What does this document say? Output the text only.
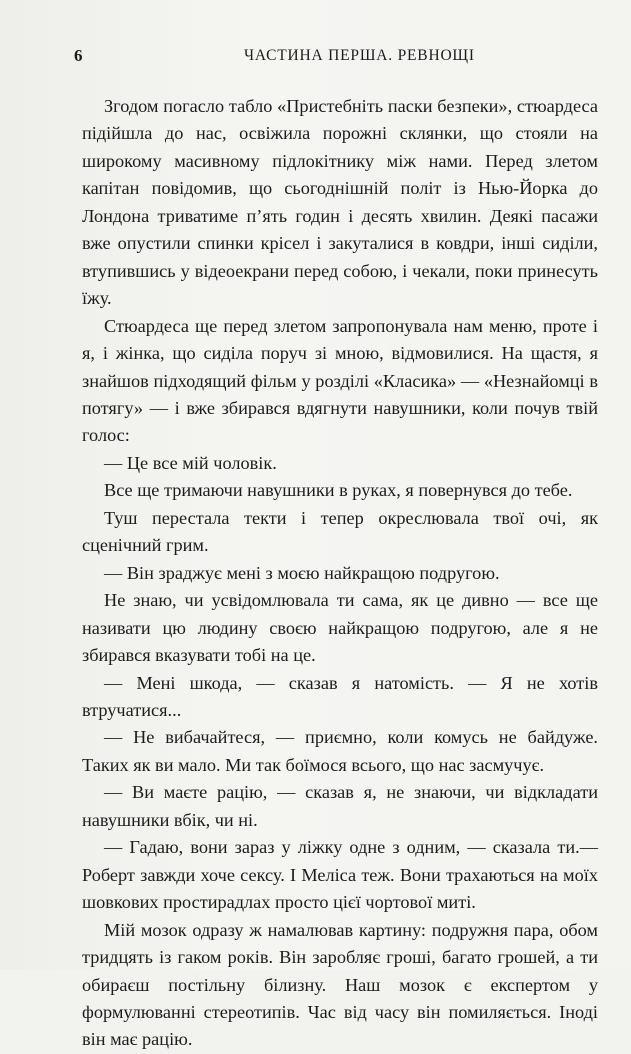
6	ЧАСТИНА ПЕРША. РЕВНОЩІ

Згодом погасло табло «Пристебніть паски безпеки», стюардеса підійшла до нас, освіжила порожні склянки, що стояли на широкому масивному підлокітнику між нами. Перед злетом капітан повідомив, що сьогоднішній політ із Нью-Йорка до Лондона триватиме п’ять годин і десять хвилин. Деякі пасажи вже опустили спинки крісел і закуталися в ковдри, інші сиділи, втупившись у відеоекрани перед собою, і чекали, поки принесуть їжу.

Стюардеса ще перед злетом запропонувала нам меню, проте і я, і жінка, що сиділа поруч зі мною, відмовилися. На щастя, я знайшов підходящий фільм у розділі «Класика» — «Незнайомці в потягу» — і вже збирався вдягнути навушники, коли почув твій голос:

— Це все мій чоловік.

Все ще тримаючи навушники в руках, я повернувся до тебе.

Туш перестала текти і тепер окреслювала твої очі, як сценічний грим.

— Він зраджує мені з моєю найкращою подругою.

Не знаю, чи усвідомлювала ти сама, як це дивно — все ще називати цю людину своєю найкращою подругою, але я не збирався вказувати тобі на це.

— Мені шкода, — сказав я натомість. — Я не хотів втручатися...

— Не вибачайтеся, — приємно, коли комусь не байдуже. Таких як ви мало. Ми так боїмося всього, що нас засмучує.

— Ви маєте рацію, — сказав я, не знаючи, чи відкладати навушники вбік, чи ні.

— Гадаю, вони зараз у ліжку одне з одним, — сказала ти.— Роберт завжди хоче сексу. І Меліса теж. Вони трахаються на моїх шовкових простирадлах просто цієї чортової миті.

Мій мозок одразу ж намалював картину: подружня пара, обом тридцять із гаком років. Він заробляє гроші, багато грошей, а ти обираєш постільну білизну. Наш мозок є експертом у формулюванні стереотипів. Час від часу він помиляється. Іноді він має рацію.
